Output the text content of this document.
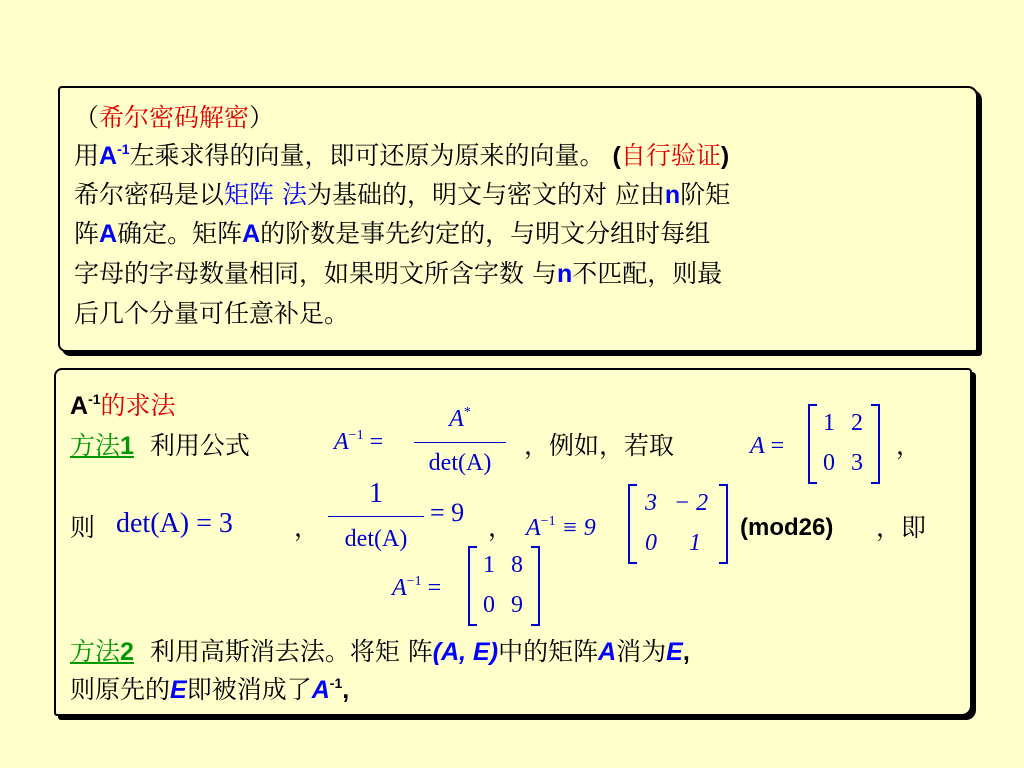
（希尔密码解密）
用$A^{-1}$左乘求得的向量，即可还原为原来的向量。 (自行验证)
希尔密码是以矩阵 法为基础的，明文与密文的对 应由n阶矩
阵A确定。矩阵A的阶数是事先约定的，与明文分组时每组
字母的字母数量相同，如果明文所含字数 与n不匹配，则最
后几个分量可任意补足。
$A^{-1}$的求法
方法1 利用公式	$A^{-1}$ =
A*
det(A)
，例如，若取	A =
1 2
0 3
，
则 det(A) = 3 ，
1
det(A)
= 9
， $A^{-1} \equiv 9$
3 − 2
0 1
(mod26) ，即
$A^{-1}$ =
1 8
0 9
方法2 利用高斯消去法。将矩 阵(A, E)中的矩阵A消为E,
则原先的E即被消成了$A^{-1}$,
